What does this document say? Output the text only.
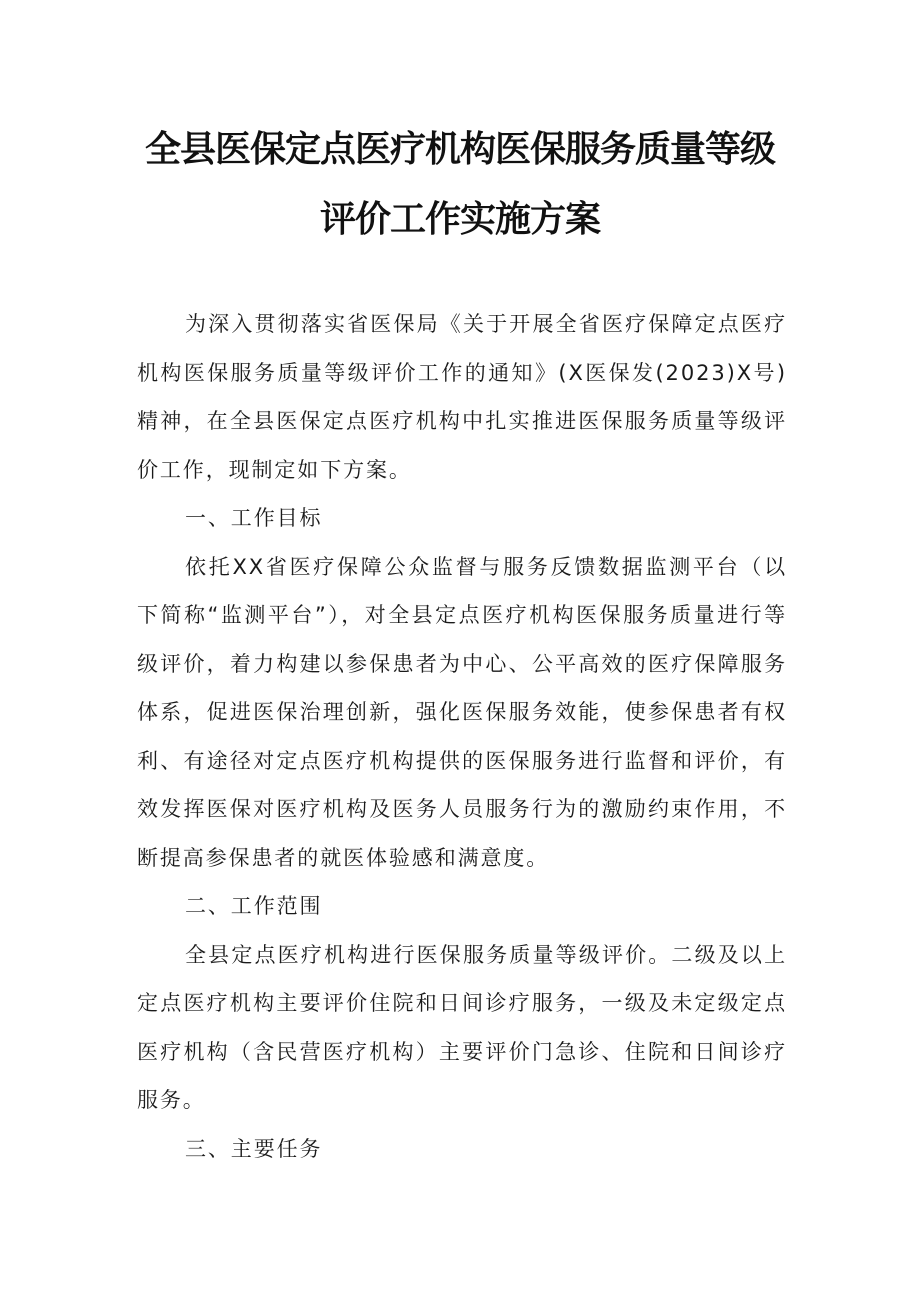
全县医保定点医疗机构医保服务质量等级
评价工作实施方案

为深入贯彻落实省医保局《关于开展全省医疗保障定点医疗机构医保服务质量等级评价工作的通知》(X医保发(2023)X号)精神，在全县医保定点医疗机构中扎实推进医保服务质量等级评价工作，现制定如下方案。

一、工作目标

依托XX省医疗保障公众监督与服务反馈数据监测平台（以下简称“监测平台”），对全县定点医疗机构医保服务质量进行等级评价，着力构建以参保患者为中心、公平高效的医疗保障服务体系，促进医保治理创新，强化医保服务效能，使参保患者有权利、有途径对定点医疗机构提供的医保服务进行监督和评价，有效发挥医保对医疗机构及医务人员服务行为的激励约束作用，不断提高参保患者的就医体验感和满意度。

二、工作范围

全县定点医疗机构进行医保服务质量等级评价。二级及以上定点医疗机构主要评价住院和日间诊疗服务，一级及未定级定点医疗机构（含民营医疗机构）主要评价门急诊、住院和日间诊疗服务。

三、主要任务
